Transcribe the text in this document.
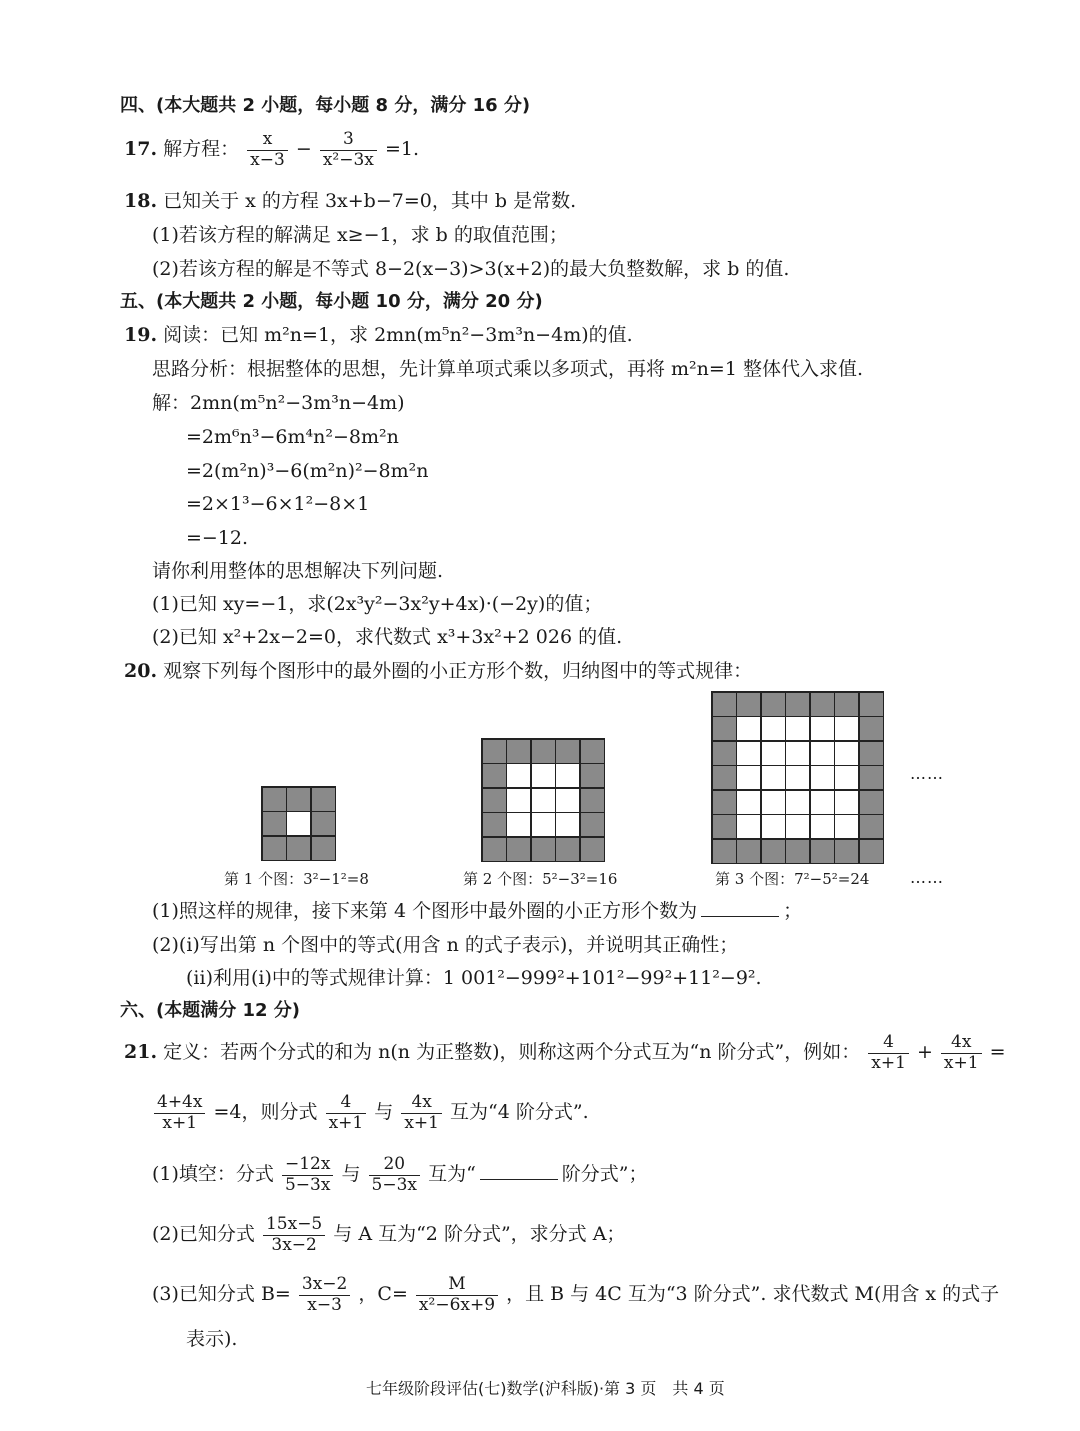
四、(本大题共 2 小题，每小题 8 分，满分 16 分)
17. 解方程： $\frac{x}{x-3} - \frac{3}{\text{x²−3x}} =1$.
18. 已知关于 x 的方程 3x+b−7=0，其中 b 是常数.
(1)若该方程的解满足 x≥−1，求 b 的取值范围；
(2)若该方程的解是不等式 8−2(x−3)>3(x+2)的最大负整数解，求 b 的值.
五、(本大题共 2 小题，每小题 10 分，满分 20 分)
19. 阅读：已知 m²n=1，求 2mn(m⁵n²−3m³n−4m)的值.
思路分析：根据整体的思想，先计算单项式乘以多项式，再将 m²n=1 整体代入求值.
解：2mn(m⁵n²−3m³n−4m)
=2m⁶n³−6m⁴n²−8m²n
=2(m²n)³−6(m²n)²−8m²n
=2×1³−6×1²−8×1
=−12.
请你利用整体的思想解决下列问题.
(1)已知 xy=−1，求(2x³y²−3x²y+4x)·(−2y)的值；
(2)已知 x²+2x−2=0，求代数式 x³+3x²+2 026 的值.
20. 观察下列每个图形中的最外圈的小正方形个数，归纳图中的等式规律：
……
第 1 个图：3²−1²=8	第 2 个图：5²−3²=16	第 3 个图：7²−5²=24	……
(1)照这样的规律，接下来第 4 个图形中最外圈的小正方形个数为	；
(2)(i)写出第 n 个图中的等式(用含 n 的式子表示)，并说明其正确性；
(ii)利用(i)中的等式规律计算：1 001²−999²+101²−99²+11²−9².
六、(本题满分 12 分)
21. 定义：若两个分式的和为 n(n 为正整数)，则称这两个分式互为“n 阶分式”，例如： $\frac{4}{x+1} + \frac{4x}{x+1}$ =
$\frac{4+4x}{x+1} =4$，则分式 $\frac{4}{x+1}$ 与 $\frac{4x}{x+1}$ 互为“4 阶分式”.
(1)填空：分式 $\frac{-12x}{5-3x}$ 与 $\frac{20}{5-3x}$ 互为“	阶分式”；
(2)已知分式 $\frac{15x-5}{3x-2}$ 与 A 互为“2 阶分式”，求分式 A；
(3)已知分式 $B= \frac{3x-2}{x-3}$ ，$C= \frac{M}{\text{x²−6x+9}}$ ，且 B 与 4C 互为“3 阶分式”. 求代数式 M(用含 x 的式子
表示).
七年级阶段评估(七)数学(沪科版)·第 3 页　共 4 页
